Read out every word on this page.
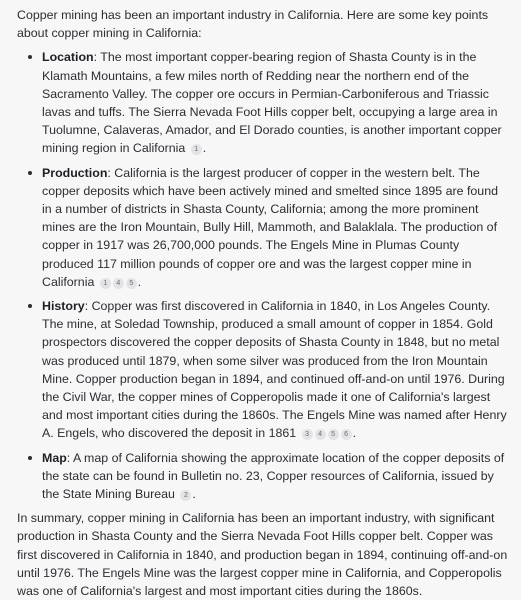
Copper mining has been an important industry in California. Here are some key points about copper mining in California:

Location: The most important copper-bearing region of Shasta County is in the Klamath Mountains, a few miles north of Redding near the northern end of the Sacramento Valley. The copper ore occurs in Permian-Carboniferous and Triassic lavas and tuffs. The Sierra Nevada Foot Hills copper belt, occupying a large area in Tuolumne, Calaveras, Amador, and El Dorado counties, is another important copper mining region in California 1 .
Production: California is the largest producer of copper in the western belt. The copper deposits which have been actively mined and smelted since 1895 are found in a number of districts in Shasta County, California; among the more prominent mines are the Iron Mountain, Bully Hill, Mammoth, and Balaklala. The production of copper in 1917 was 26,700,000 pounds. The Engels Mine in Plumas County produced 117 million pounds of copper ore and was the largest copper mine in California 1 4 5 .
History: Copper was first discovered in California in 1840, in Los Angeles County. The mine, at Soledad Township, produced a small amount of copper in 1854. Gold prospectors discovered the copper deposits of Shasta County in 1848, but no metal was produced until 1879, when some silver was produced from the Iron Mountain Mine. Copper production began in 1894, and continued off-and-on until 1976. During the Civil War, the copper mines of Copperopolis made it one of California's largest and most important cities during the 1860s. The Engels Mine was named after Henry A. Engels, who discovered the deposit in 1861 3 4 5 6 .
Map: A map of California showing the approximate location of the copper deposits of the state can be found in Bulletin no. 23, Copper resources of California, issued by the State Mining Bureau 2 .

In summary, copper mining in California has been an important industry, with significant production in Shasta County and the Sierra Nevada Foot Hills copper belt. Copper was first discovered in California in 1840, and production began in 1894, continuing off-and-on until 1976. The Engels Mine was the largest copper mine in California, and Copperopolis was one of California's largest and most important cities during the 1860s.
